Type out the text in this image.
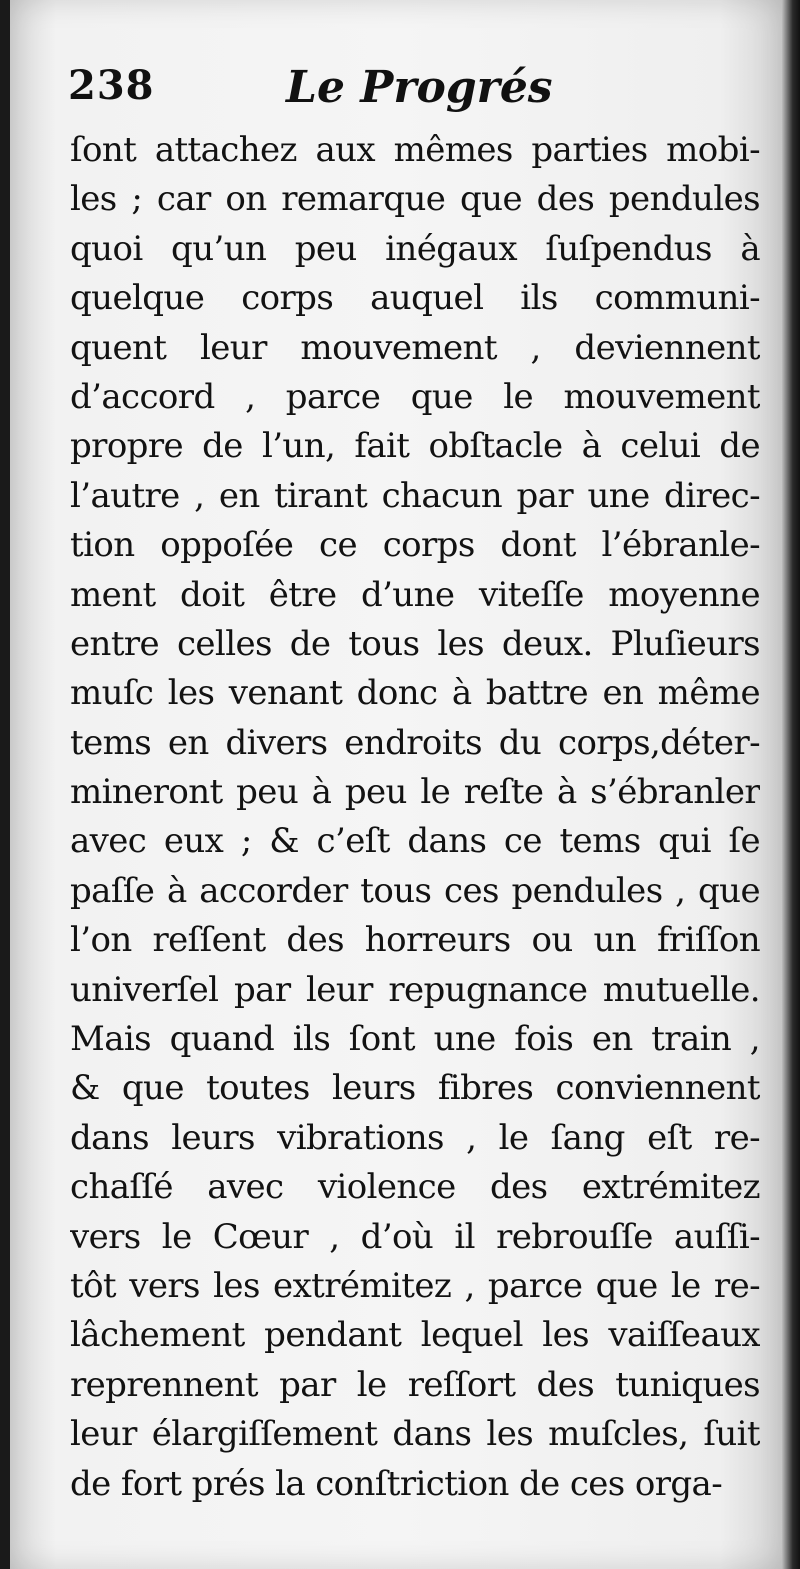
238	Le Progrés
ſont attachez aux mêmes parties mobi-
les ; car on remarque que des pendules
quoi qu’un peu inégaux ſuſpendus à
quelque corps auquel ils communi-
quent leur mouvement , deviennent
d’accord , parce que le mouvement
propre de l’un, fait obſtacle à celui de
l’autre , en tirant chacun par une direc-
tion oppoſée ce corps dont l’ébranle-
ment doit être d’une viteſſe moyenne
entre celles de tous les deux. Pluſieurs
muſc les venant donc à battre en même
tems en divers endroits du corps,déter-
mineront peu à peu le reſte à s’ébranler
avec eux ; & c’eſt dans ce tems qui ſe
paſſe à accorder tous ces pendules , que
l’on reſſent des horreurs ou un friſſon
univerſel par leur repugnance mutuelle.
Mais quand ils ſont une fois en train ,
& que toutes leurs fibres conviennent
dans leurs vibrations , le ſang eſt re-
chaſſé avec violence des extrémitez
vers le Cœur , d’où il rebrouſſe auſſi-
tôt vers les extrémitez , parce que le re-
lâchement pendant lequel les vaiſſeaux
reprennent par le reſſort des tuniques
leur élargiſſement dans les muſcles, ſuit
de fort prés la conſtriction de ces orga-
